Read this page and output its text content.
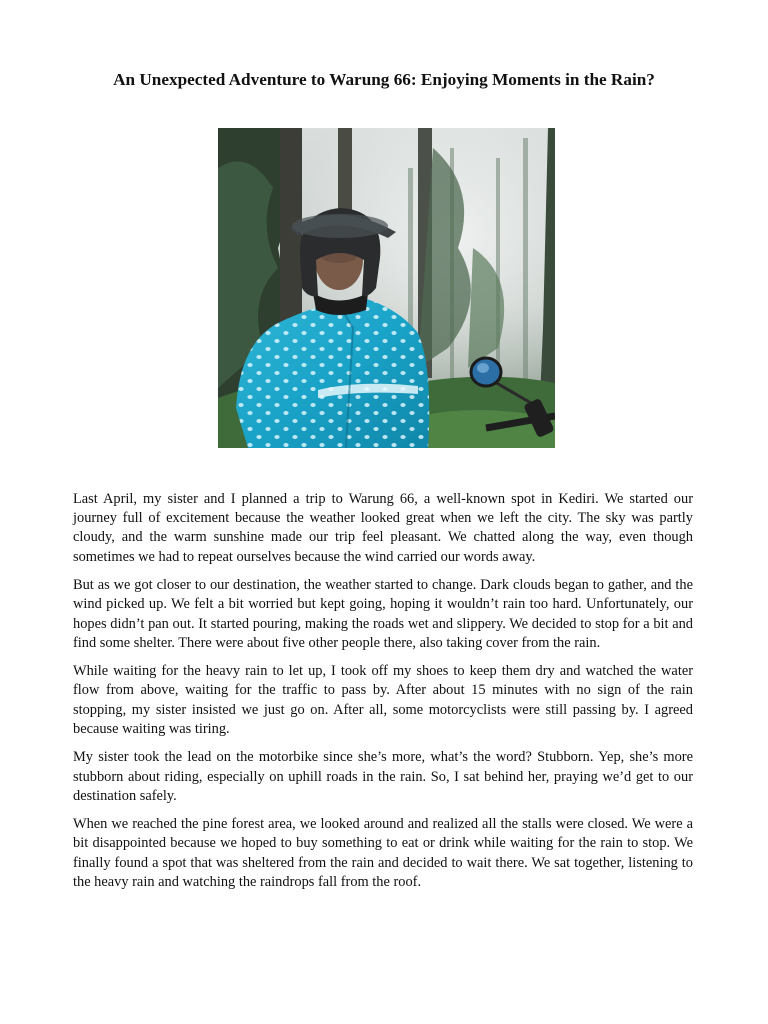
An Unexpected Adventure to Warung 66: Enjoying Moments in the Rain?

Last April, my sister and I planned a trip to Warung 66, a well-known spot in Kediri. We started our journey full of excitement because the weather looked great when we left the city. The sky was partly cloudy, and the warm sunshine made our trip feel pleasant. We chatted along the way, even though sometimes we had to repeat ourselves because the wind carried our words away.

But as we got closer to our destination, the weather started to change. Dark clouds began to gather, and the wind picked up. We felt a bit worried but kept going, hoping it wouldn’t rain too hard. Unfortunately, our hopes didn’t pan out. It started pouring, making the roads wet and slippery. We decided to stop for a bit and find some shelter. There were about five other people there, also taking cover from the rain.

While waiting for the heavy rain to let up, I took off my shoes to keep them dry and watched the water flow from above, waiting for the traffic to pass by. After about 15 minutes with no sign of the rain stopping, my sister insisted we just go on. After all, some motorcyclists were still passing by. I agreed because waiting was tiring.

My sister took the lead on the motorbike since she’s more, what’s the word? Stubborn. Yep, she’s more stubborn about riding, especially on uphill roads in the rain. So, I sat behind her, praying we’d get to our destination safely.

When we reached the pine forest area, we looked around and realized all the stalls were closed. We were a bit disappointed because we hoped to buy something to eat or drink while waiting for the rain to stop. We finally found a spot that was sheltered from the rain and decided to wait there. We sat together, listening to the heavy rain and watching the raindrops fall from the roof.
